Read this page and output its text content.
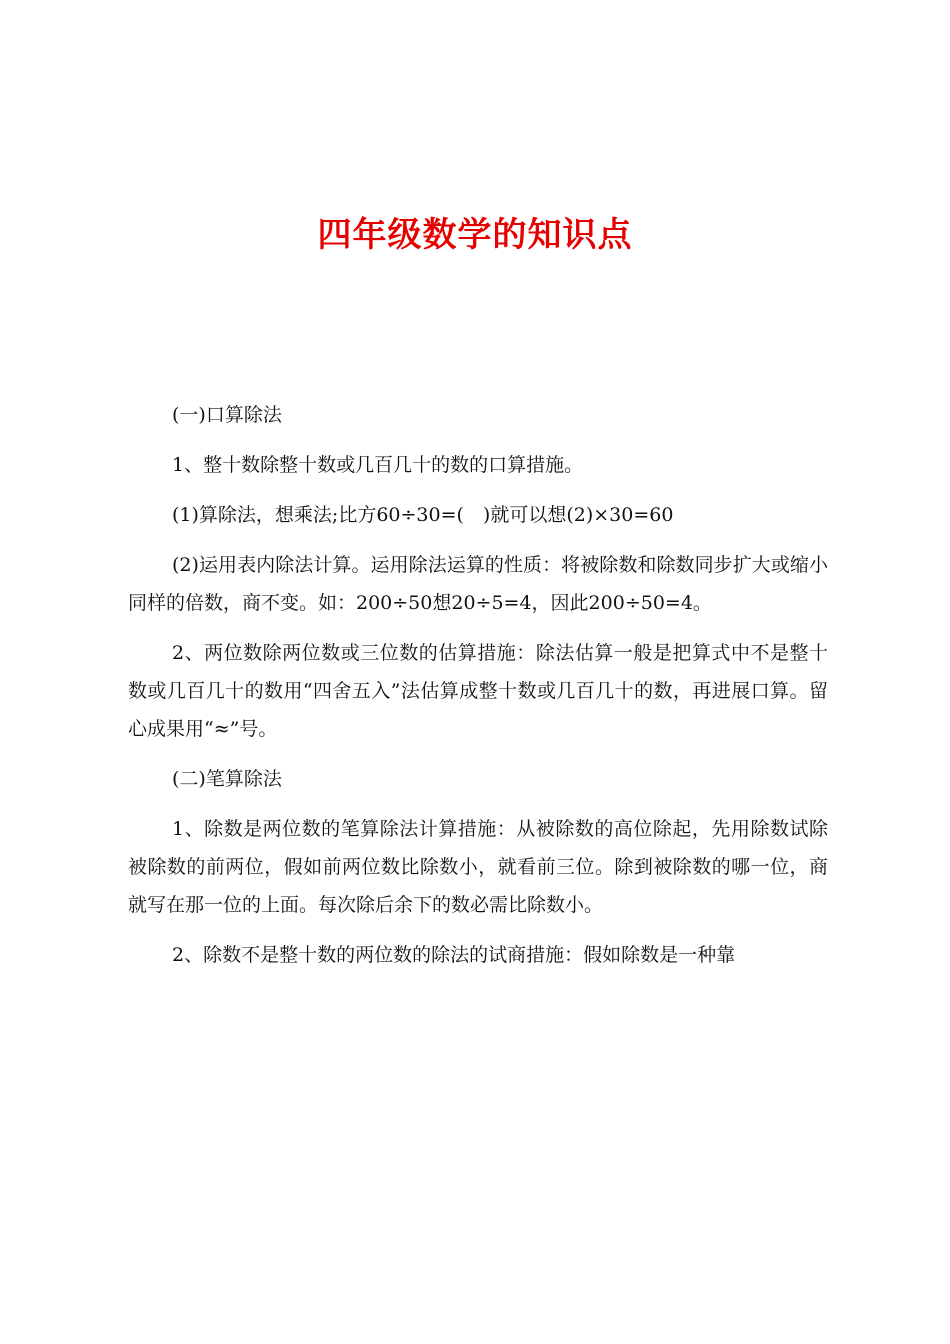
四年级数学的知识点

(一)口算除法

1、整十数除整十数或几百几十的数的口算措施。

(1)算除法，想乘法;比方60÷30=(　)就可以想(2)×30=60

(2)运用表内除法计算。运用除法运算的性质：将被除数和除数同步扩大或缩小同样的倍数，商不变。如：200÷50想20÷5=4，因此200÷50=4。

2、两位数除两位数或三位数的估算措施：除法估算一般是把算式中不是整十数或几百几十的数用“四舍五入”法估算成整十数或几百几十的数，再进展口算。留心成果用“≈”号。

(二)笔算除法

1、除数是两位数的笔算除法计算措施：从被除数的高位除起，先用除数试除被除数的前两位，假如前两位数比除数小，就看前三位。除到被除数的哪一位，商就写在那一位的上面。每次除后余下的数必需比除数小。

2、除数不是整十数的两位数的除法的试商措施：假如除数是一种靠
